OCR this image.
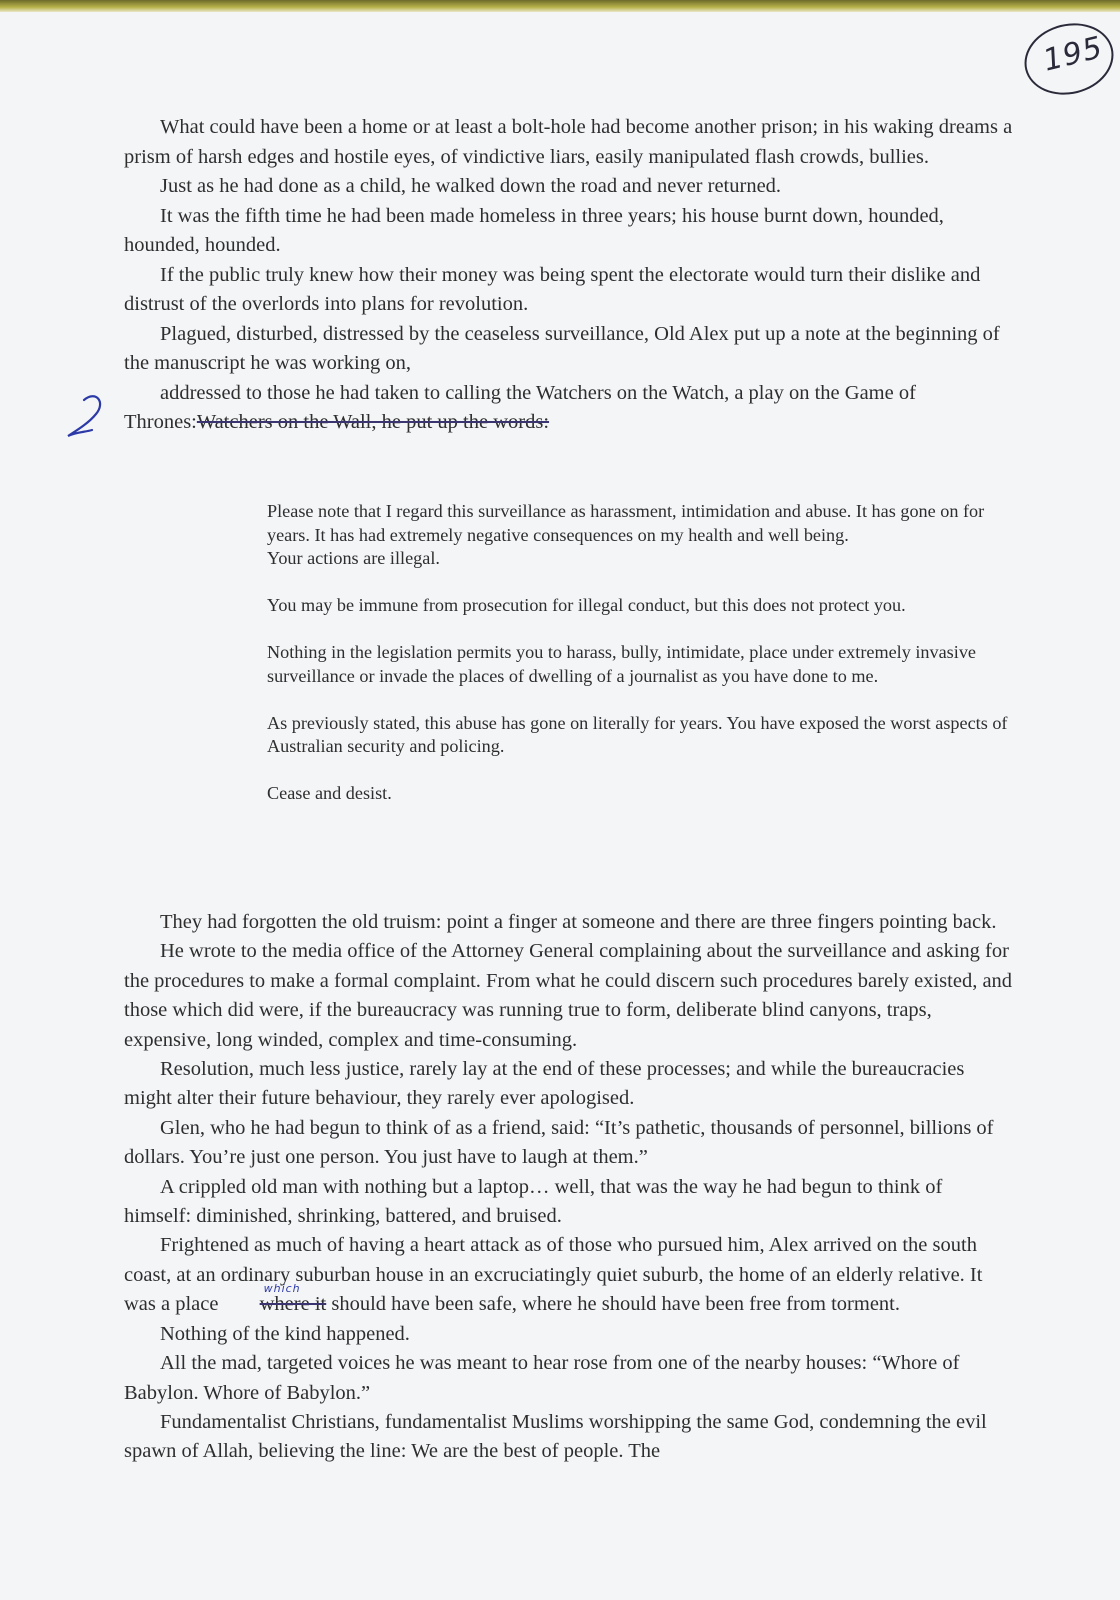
195

What could have been a home or at least a bolt-hole had become another prison; in his waking dreams a prism of harsh edges and hostile eyes, of vindictive liars, easily manipulated flash crowds, bullies.

Just as he had done as a child, he walked down the road and never returned.

It was the fifth time he had been made homeless in three years; his house burnt down, hounded, hounded, hounded.

If the public truly knew how their money was being spent the electorate would turn their dislike and distrust of the overlords into plans for revolution.

Plagued, disturbed, distressed by the ceaseless surveillance, Old Alex put up a note at the beginning of the manuscript he was working on,

addressed to those he had taken to calling the Watchers on the Watch, a play on the Game of Thrones:Watchers on the Wall, he put up the words:

Please note that I regard this surveillance as harassment, intimidation and abuse. It has gone on for years. It has had extremely negative consequences on my health and well being.

Your actions are illegal.

You may be immune from prosecution for illegal conduct, but this does not protect you.

Nothing in the legislation permits you to harass, bully, intimidate, place under extremely invasive surveillance or invade the places of dwelling of a journalist as you have done to me.

As previously stated, this abuse has gone on literally for years. You have exposed the worst aspects of Australian security and policing.

Cease and desist.

They had forgotten the old truism: point a finger at someone and there are three fingers pointing back.

He wrote to the media office of the Attorney General complaining about the surveillance and asking for the procedures to make a formal complaint. From what he could discern such procedures barely existed, and those which did were, if the bureaucracy was running true to form, deliberate blind canyons, traps, expensive, long winded, complex and time-consuming.

Resolution, much less justice, rarely lay at the end of these processes; and while the bureaucracies might alter their future behaviour, they rarely ever apologised.

Glen, who he had begun to think of as a friend, said: “It’s pathetic, thousands of personnel, billions of dollars. You’re just one person. You just have to laugh at them.”

A crippled old man with nothing but a laptop… well, that was the way he had begun to think of himself: diminished, shrinking, battered, and bruised.

Frightened as much of having a heart attack as of those who pursued him, Alex arrived on the south coast, at an ordinary suburban house in an excruciatingly quiet suburb, the home of an elderly relative. It was a place where it
which
should have been safe, where he should have been free from torment.

Nothing of the kind happened.

All the mad, targeted voices he was meant to hear rose from one of the nearby houses: “Whore of Babylon. Whore of Babylon.”

Fundamentalist Christians, fundamentalist Muslims worshipping the same God, condemning the evil spawn of Allah, believing the line: We are the best of people. The
